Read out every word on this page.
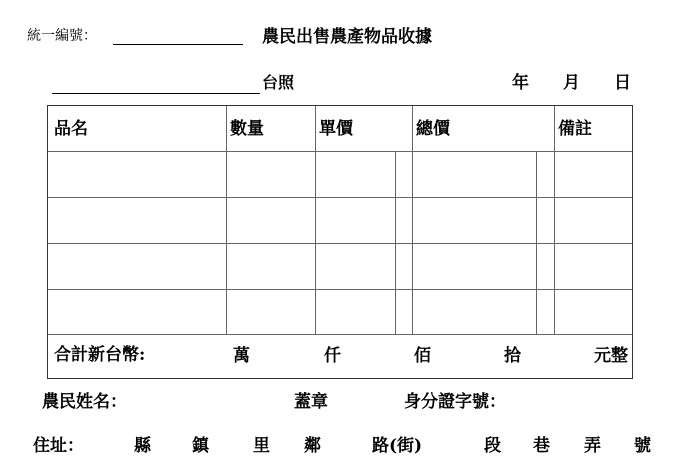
統一編號：	農民出售農產物品收據
台照	年 月 日
品名	數量	單價	總價	備註
合計新台幣:	萬	仟	佰	拾	元整
農民姓名：	蓋章	身分證字號：
住址：	縣 鎮	里 鄰	路(街)	段 巷 弄 號
